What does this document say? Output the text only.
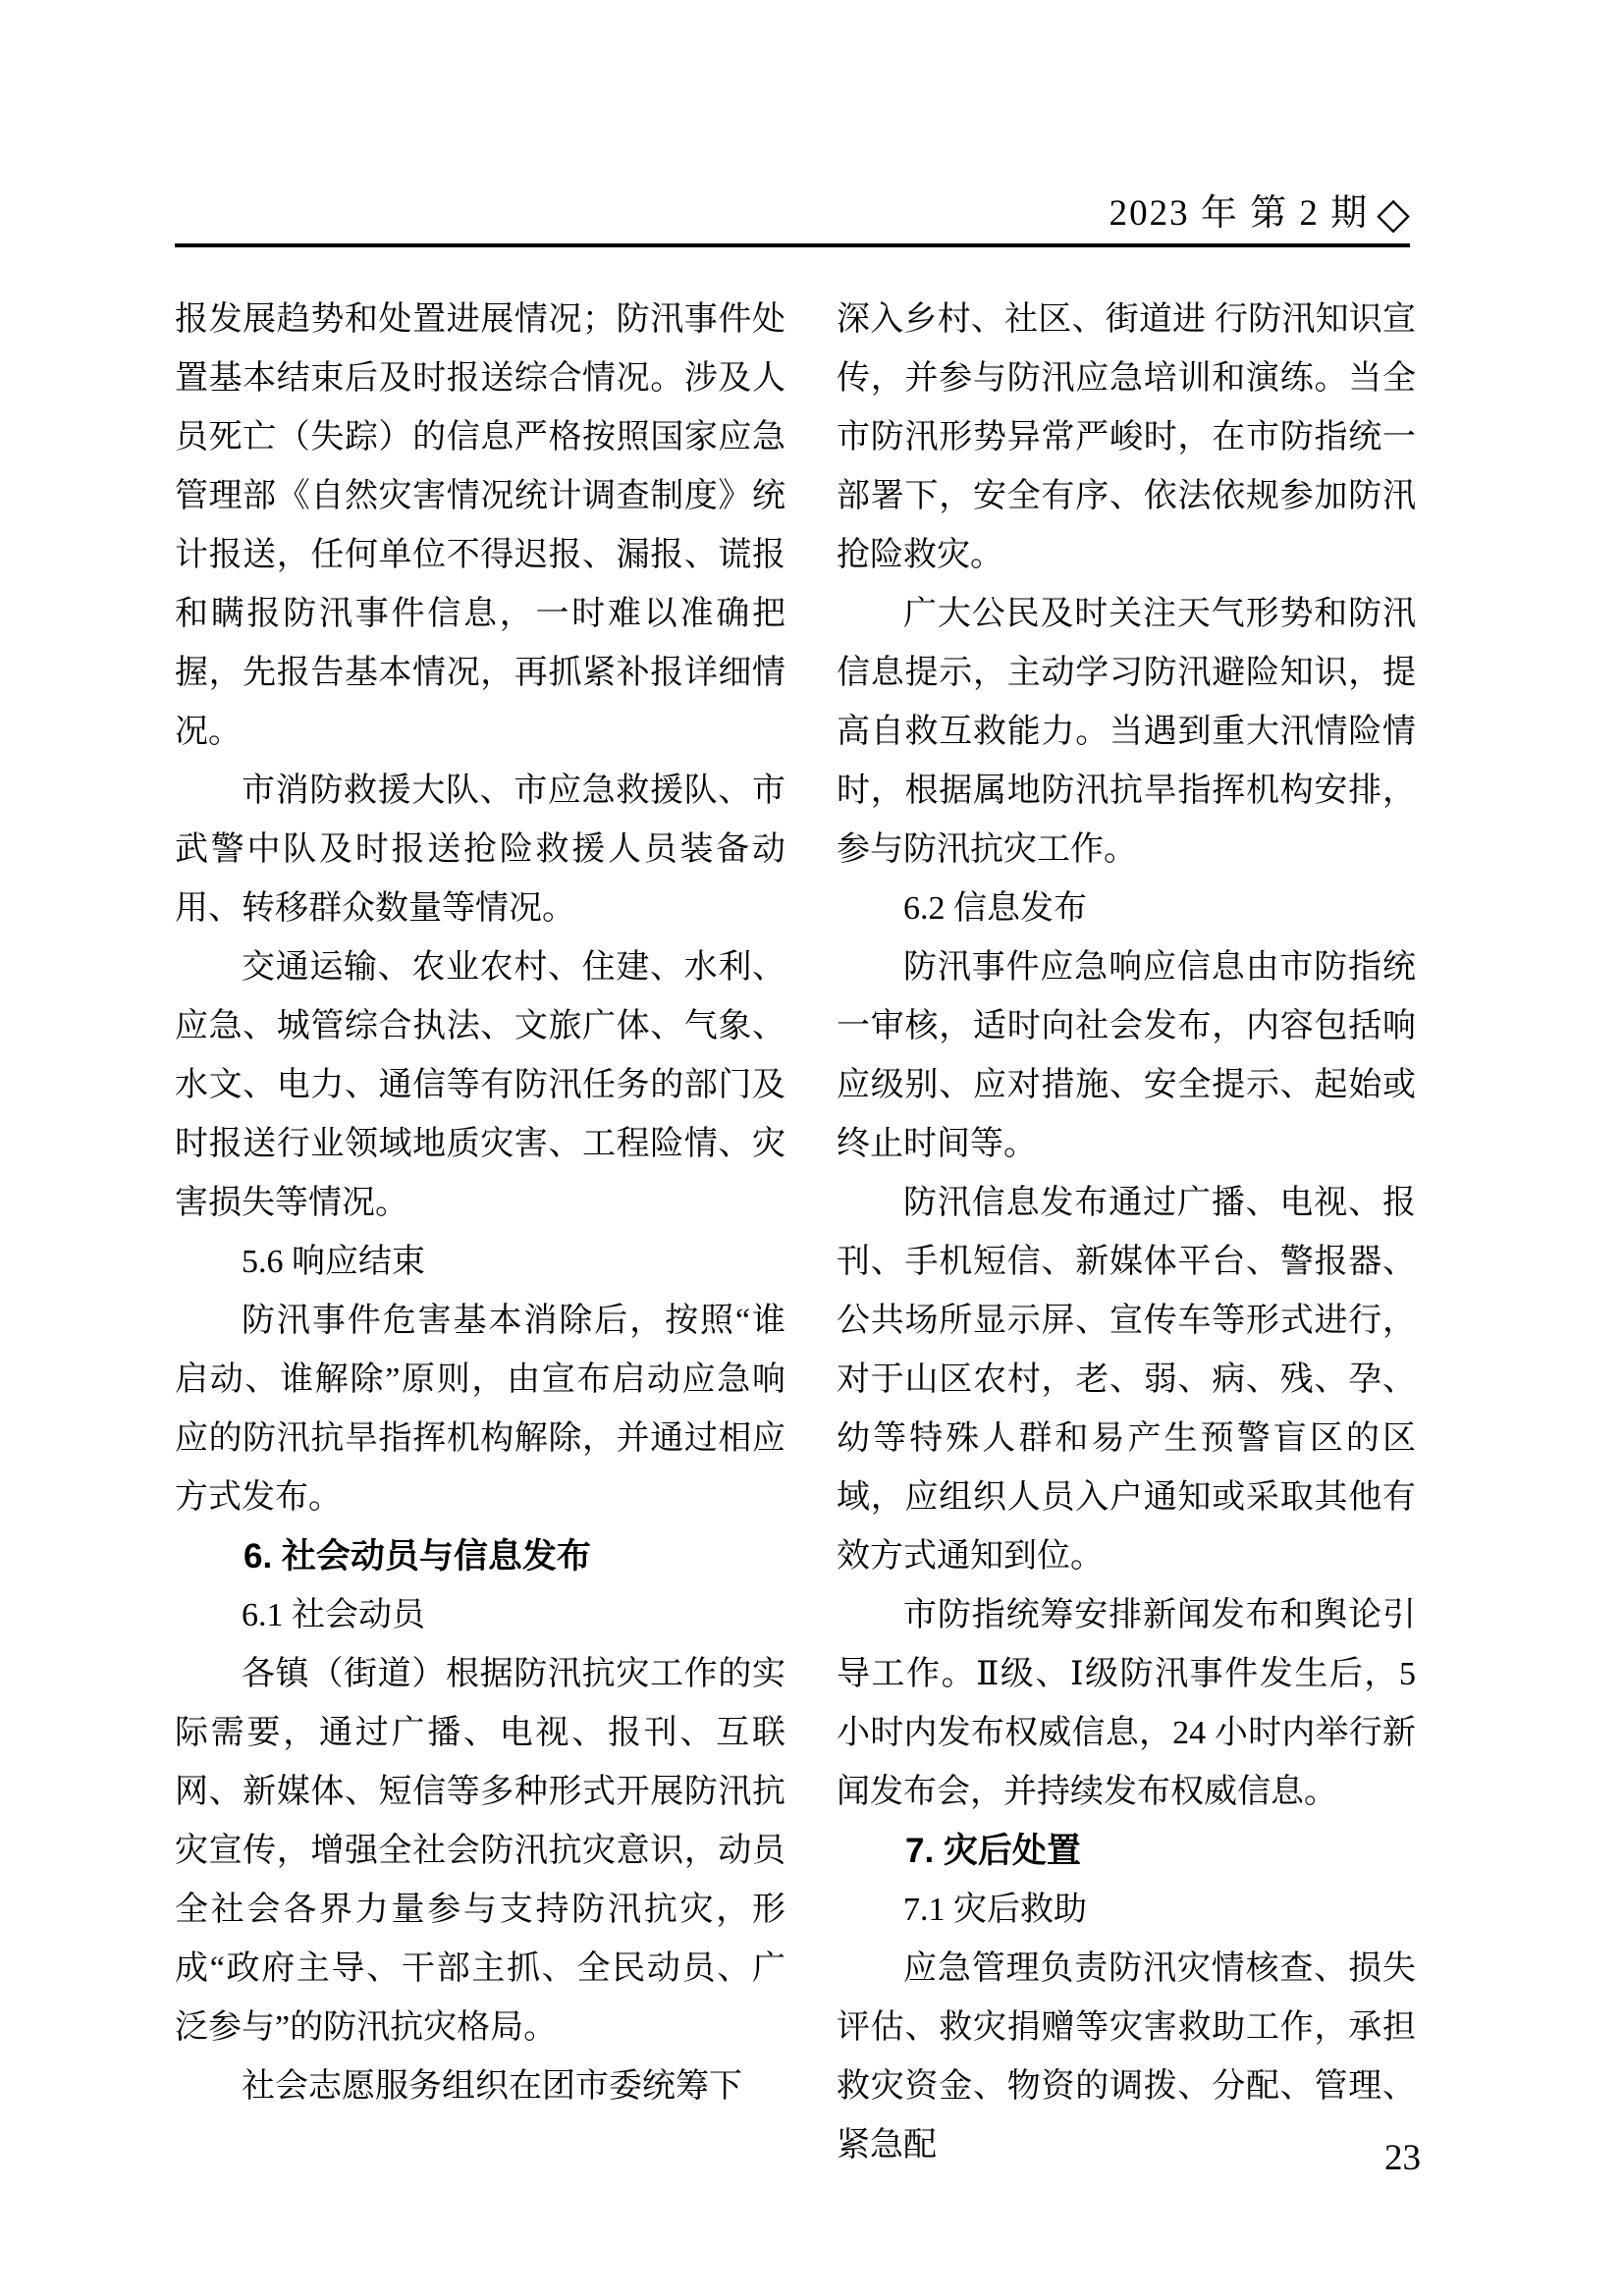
2023 年 第 2 期 ◇

报发展趋势和处置进展情况；防汛事件处置基本结束后及时报送综合情况。涉及人员死亡（失踪）的信息严格按照国家应急管理部《自然灾害情况统计调查制度》统计报送，任何单位不得迟报、漏报、谎报和瞒报防汛事件信息，一时难以准确把握，先报告基本情况，再抓紧补报详细情况。

市消防救援大队、市应急救援队、市武警中队及时报送抢险救援人员装备动用、转移群众数量等情况。

交通运输、农业农村、住建、水利、应急、城管综合执法、文旅广体、气象、水文、电力、通信等有防汛任务的部门及时报送行业领域地质灾害、工程险情、灾害损失等情况。

5.6 响应结束

防汛事件危害基本消除后，按照“谁启动、谁解除”原则，由宣布启动应急响应的防汛抗旱指挥机构解除，并通过相应方式发布。

6. 社会动员与信息发布

6.1 社会动员

各镇（街道）根据防汛抗灾工作的实际需要，通过广播、电视、报刊、互联网、新媒体、短信等多种形式开展防汛抗灾宣传，增强全社会防汛抗灾意识，动员全社会各界力量参与支持防汛抗灾，形成“政府主导、干部主抓、全民动员、广泛参与”的防汛抗灾格局。

社会志愿服务组织在团市委统筹下

深入乡村、社区、街道进 行防汛知识宣传，并参与防汛应急培训和演练。当全市防汛形势异常严峻时，在市防指统一部署下，安全有序、依法依规参加防汛抢险救灾。

广大公民及时关注天气形势和防汛信息提示，主动学习防汛避险知识，提高自救互救能力。当遇到重大汛情险情时，根据属地防汛抗旱指挥机构安排，参与防汛抗灾工作。

6.2 信息发布

防汛事件应急响应信息由市防指统一审核，适时向社会发布，内容包括响应级别、应对措施、安全提示、起始或终止时间等。

防汛信息发布通过广播、电视、报刊、手机短信、新媒体平台、警报器、公共场所显示屏、宣传车等形式进行，对于山区农村，老、弱、病、残、孕、幼等特殊人群和易产生预警盲区的区域，应组织人员入户通知或采取其他有效方式通知到位。

市防指统筹安排新闻发布和舆论引导工作。Ⅱ级、Ⅰ级防汛事件发生后，5 小时内发布权威信息，24 小时内举行新闻发布会，并持续发布权威信息。

7. 灾后处置

7.1 灾后救助

应急管理负责防汛灾情核查、损失评估、救灾捐赠等灾害救助工作，承担救灾资金、物资的调拨、分配、管理、紧急配	23
